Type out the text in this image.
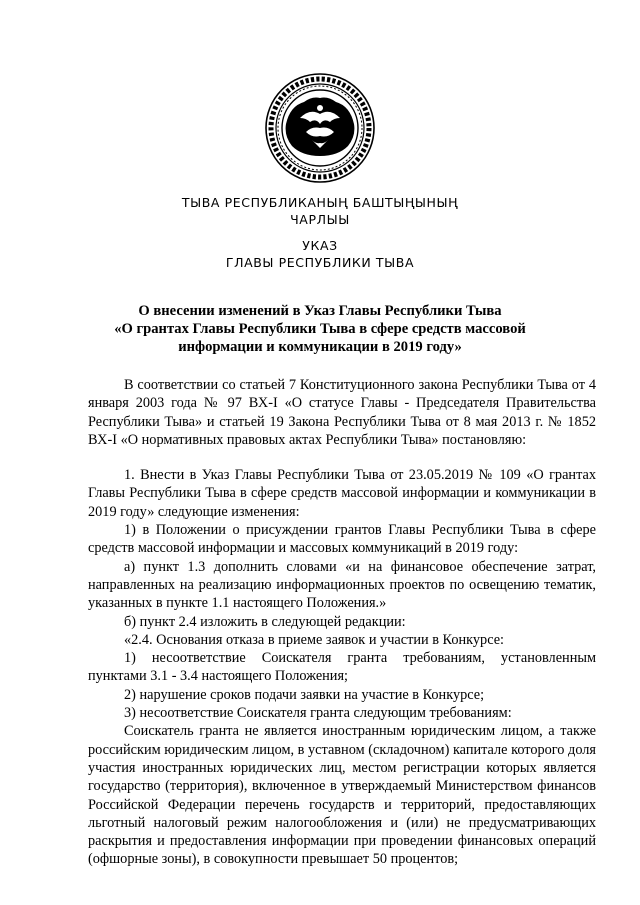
ТЫВА РЕСПУБЛИКАНЫҢ БАШТЫҢЫНЫҢ
ЧАРЛЫЫ
УКАЗ
ГЛАВЫ РЕСПУБЛИКИ ТЫВА
О внесении изменений в Указ Главы Республики Тыва
«О грантах Главы Республики Тыва в сфере средств массовой
информации и коммуникации в 2019 году»

В соответствии со статьей 7 Конституционного закона Республики Тыва от 4 января 2003 года № 97 ВХ-I «О статусе Главы - Председателя Правительства Республики Тыва» и статьей 19 Закона Республики Тыва от 8 мая 2013 г. № 1852 ВХ-I «О нормативных правовых актах Республики Тыва» постановляю:

1. Внести в Указ Главы Республики Тыва от 23.05.2019 № 109 «О грантах Главы Республики Тыва в сфере средств массовой информации и коммуникации в 2019 году» следующие изменения:

1) в Положении о присуждении грантов Главы Республики Тыва в сфере средств массовой информации и массовых коммуникаций в 2019 году:

а) пункт 1.3 дополнить словами «и на финансовое обеспечение затрат, направленных на реализацию информационных проектов по освещению тематик, указанных в пункте 1.1 настоящего Положения.»

б) пункт 2.4 изложить в следующей редакции:

«2.4. Основания отказа в приеме заявок и участии в Конкурсе:

1) несоответствие Соискателя гранта требованиям, установленным пунктами 3.1 - 3.4 настоящего Положения;

2) нарушение сроков подачи заявки на участие в Конкурсе;

3) несоответствие Соискателя гранта следующим требованиям:

Соискатель гранта не является иностранным юридическим лицом, а также российским юридическим лицом, в уставном (складочном) капитале которого доля участия иностранных юридических лиц, местом регистрации которых является государство (территория), включенное в утверждаемый Министерством финансов Российской Федерации перечень государств и территорий, предоставляющих льготный налоговый режим налогообложения и (или) не предусматривающих раскрытия и предоставления информации при проведении финансовых операций (офшорные зоны), в совокупности превышает 50 процентов;
